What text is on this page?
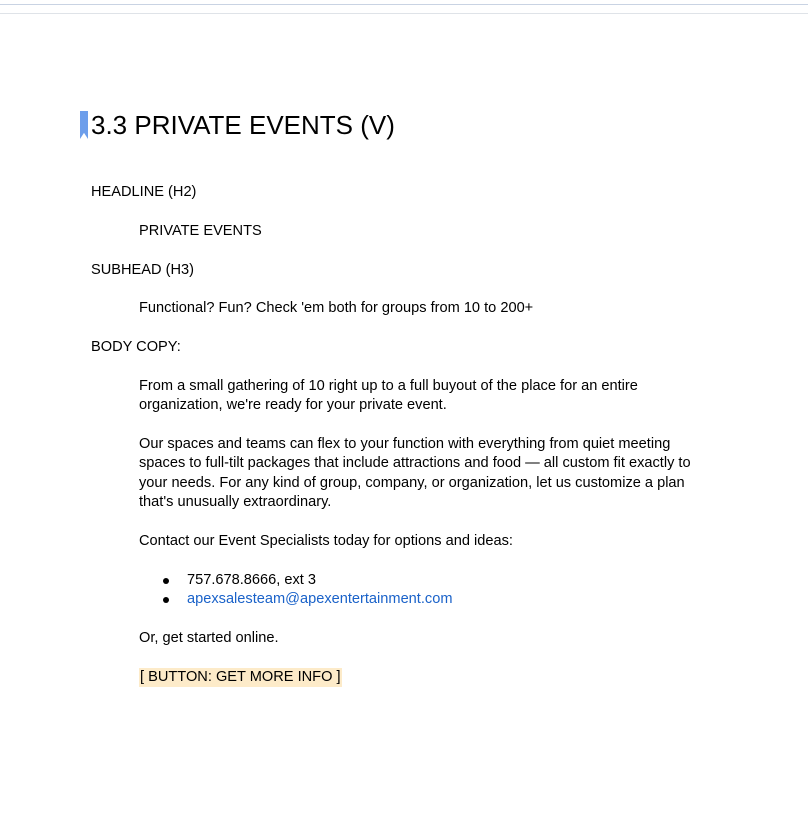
3.3 PRIVATE EVENTS (V)
HEADLINE (H2)
PRIVATE EVENTS
SUBHEAD (H3)
Functional? Fun? Check 'em both for groups from 10 to 200+
BODY COPY:
From a small gathering of 10 right up to a full buyout of the place for an entire
organization, we're ready for your private event.
Our spaces and teams can flex to your function with everything from quiet meeting
spaces to full-tilt packages that include attractions and food — all custom fit exactly to
your needs. For any kind of group, company, or organization, let us customize a plan
that's unusually extraordinary.
Contact our Event Specialists today for options and ideas:
757.678.8666, ext 3
apexsalesteam@apexentertainment.com
Or, get started online.
[ BUTTON: GET MORE INFO ]
